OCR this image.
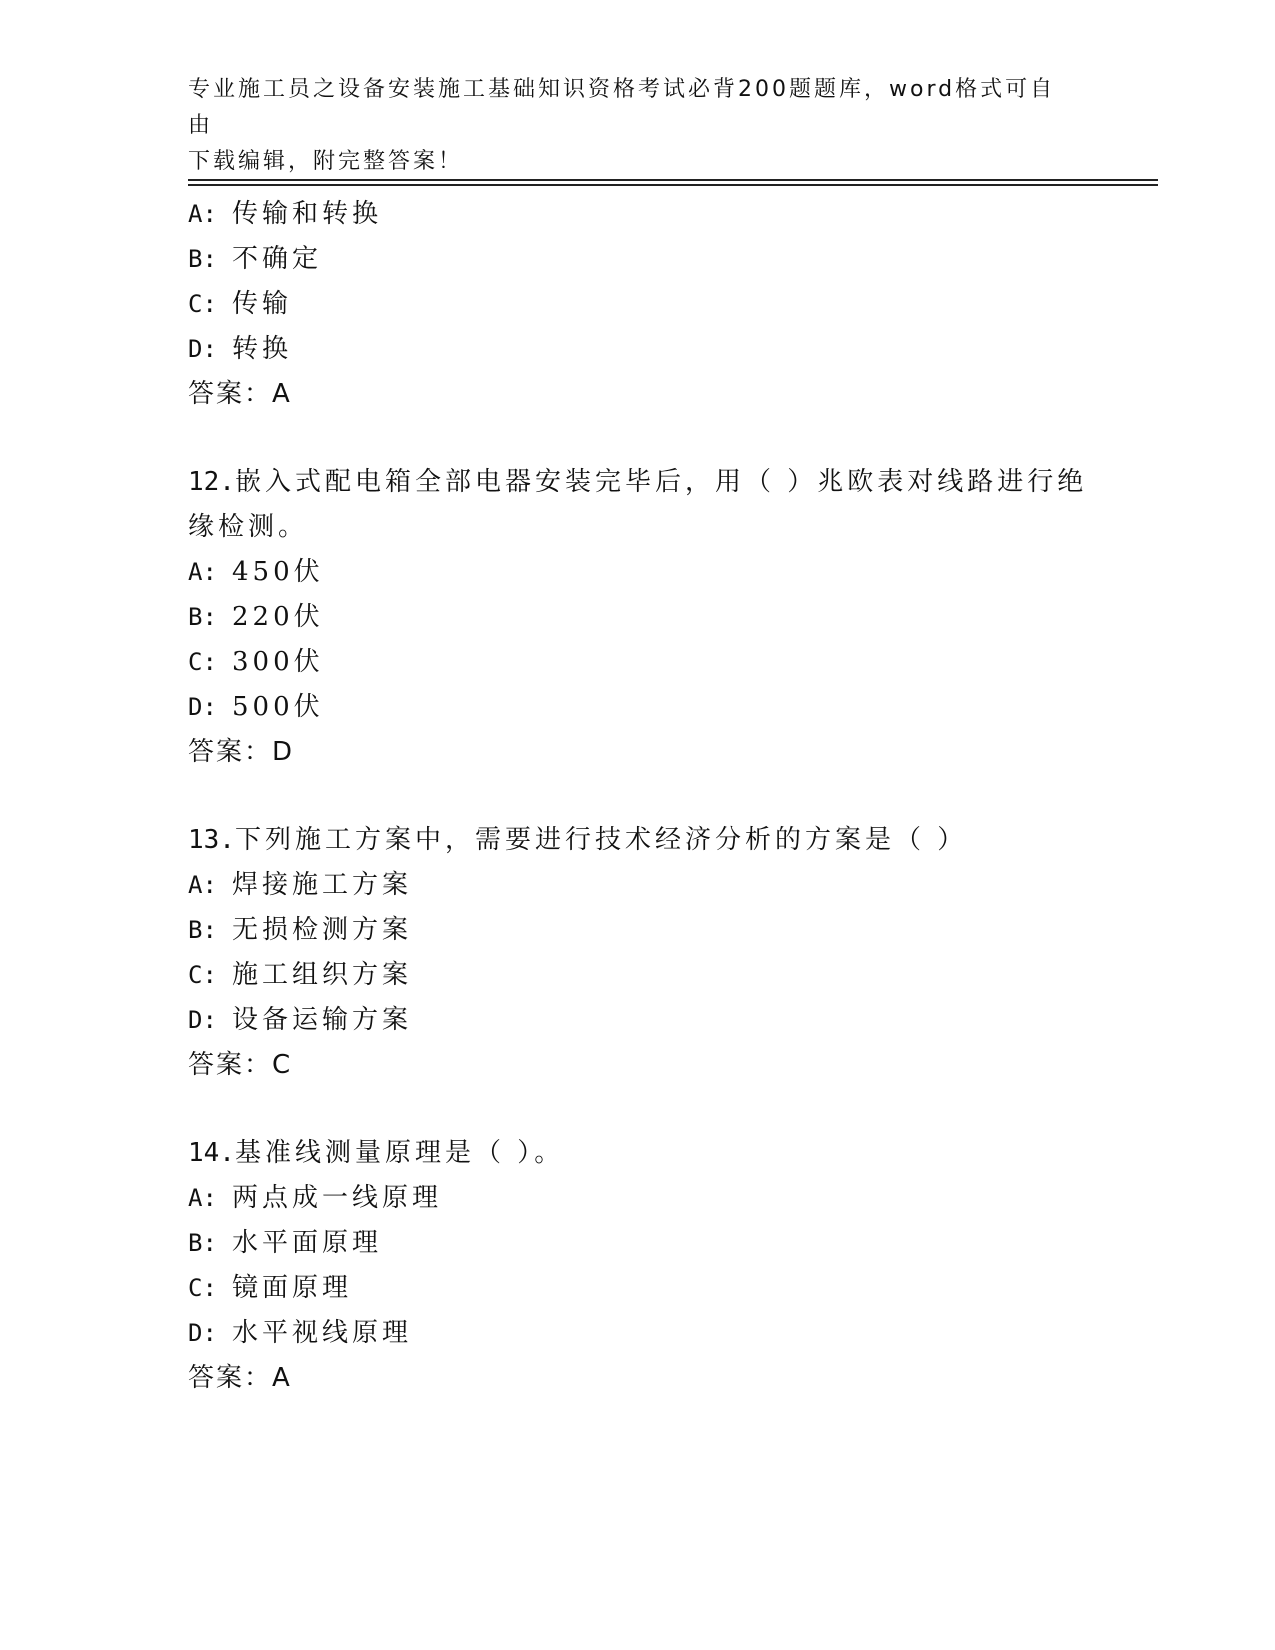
专业施工员之设备安装施工基础知识资格考试必背200题题库，word格式可自由
下载编辑，附完整答案！
A: 传输和转换
B: 不确定
C: 传输
D: 转换
答案：A
12.嵌入式配电箱全部电器安装完毕后，用（ ）兆欧表对线路进行绝
缘检测。
A: 450伏
B: 220伏
C: 300伏
D: 500伏
答案：D
13.下列施工方案中，需要进行技术经济分析的方案是（ ）
A: 焊接施工方案
B: 无损检测方案
C: 施工组织方案
D: 设备运输方案
答案：C
14.基准线测量原理是（ ）。
A: 两点成一线原理
B: 水平面原理
C: 镜面原理
D: 水平视线原理
答案：A
